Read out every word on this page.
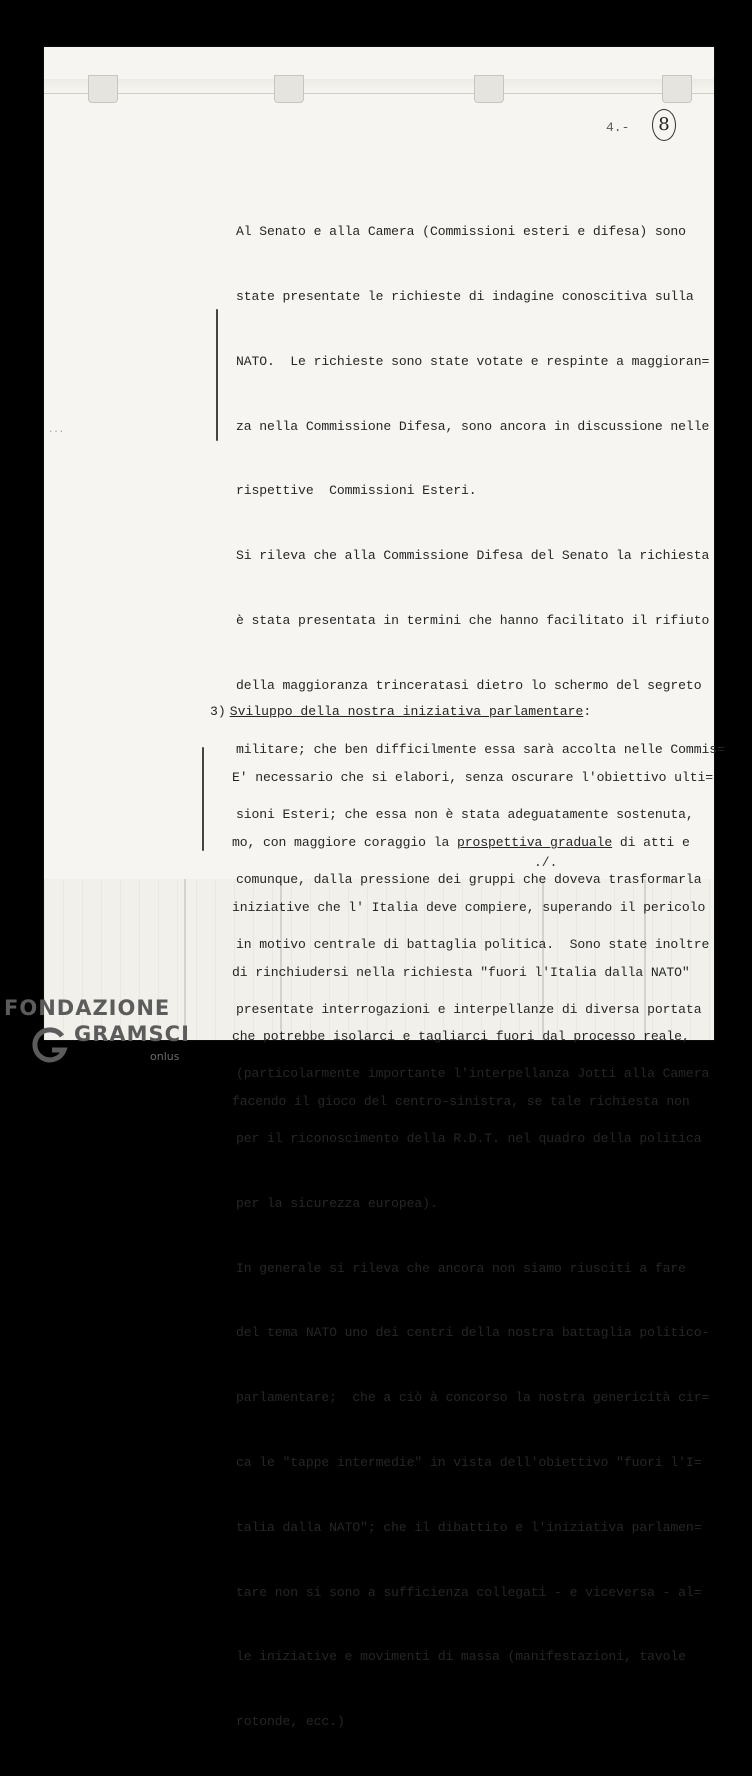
4.-	8
...

Al Senato e alla Camera (Commissioni esteri e difesa) sono

state presentate le richieste di indagine conoscitiva sulla

NATO.  Le richieste sono state votate e respinte a maggioran=

za nella Commissione Difesa, sono ancora in discussione nelle

rispettive  Commissioni Esteri.

Si rileva che alla Commissione Difesa del Senato la richiesta

è stata presentata in termini che hanno facilitato il rifiuto

della maggioranza trinceratasi dietro lo schermo del segreto

militare; che ben difficilmente essa sarà accolta nelle Commis=

sioni Esteri; che essa non è stata adeguatamente sostenuta,

comunque, dalla pressione dei gruppi che doveva trasformarla

in motivo centrale di battaglia politica.  Sono state inoltre

presentate interrogazioni e interpellanze di diversa portata

(particolarmente importante l'interpellanza Jotti alla Camera

per il riconoscimento della R.D.T. nel quadro della politica

per la sicurezza europea).

In generale si rileva che ancora non siamo riusciti a fare

del tema NATO uno dei centri della nostra battaglia politico-

parlamentare;  che a ciò à concorso la nostra genericità cir=

ca le "tappe intermedie" in vista dell'obiettivo "fuori l'I=

talia dalla NATO"; che il dibattito e l'iniziativa parlamen=

tare non si sono a sufficienza collegati - e viceversa - al=

le iniziative e movimenti di massa (manifestazioni, tavole

rotonde, ecc.)

3) Sviluppo della nostra iniziativa parlamentare:

E' necessario che si elabori, senza oscurare l'obiettivo ulti=

mo, con maggiore coraggio la prospettiva graduale di atti e

iniziative che l' Italia deve compiere, superando il pericolo

di rinchiudersi nella richiesta "fuori l'Italia dalla NATO"

che potrebbe isolarci e tagliarci fuori dal processo reale,

facendo il gioco del centro-sinistra, se tale richiesta non

./.
FONDAZIONE
GRAMSCI
onlus
